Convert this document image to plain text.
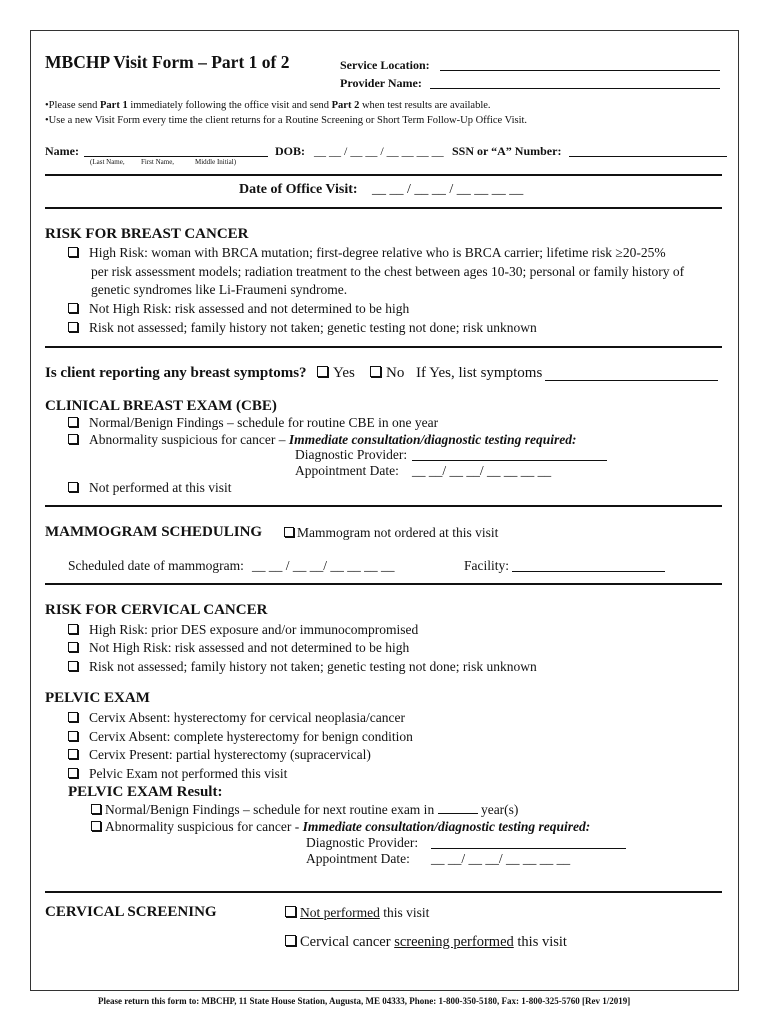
MBCHP Visit Form – Part 1 of 2	Service Location:
Provider Name:
•Please send Part 1 immediately following the office visit and send Part 2 when test results are available.
•Use a new Visit Form every time the client returns for a Routine Screening or Short Term Follow-Up Office Visit.
Name:
(Last Name, First Name,	Middle Initial)
DOB: __ __ / __ __ / __ __ __ __ SSN or “A” Number:
Date of Office Visit: __ __ / __ __ / __ __ __ __
RISK FOR BREAST CANCER
High Risk: woman with BRCA mutation; first-degree relative who is BRCA carrier; lifetime risk ≥20-25%
per risk assessment models; radiation treatment to the chest between ages 10-30; personal or family history of
genetic syndromes like Li-Fraumeni syndrome.
Not High Risk: risk assessed and not determined to be high
Risk not assessed; family history not taken; genetic testing not done; risk unknown
Is client reporting any breast symptoms?	Yes	No If Yes, list symptoms
CLINICAL BREAST EXAM (CBE)
Normal/Benign Findings – schedule for routine CBE in one year
Abnormality suspicious for cancer – Immediate consultation/diagnostic testing required:
Diagnostic Provider:
Appointment Date: __ __/ __ __/ __ __ __ __
Not performed at this visit
MAMMOGRAM SCHEDULING	Mammogram not ordered at this visit
Scheduled date of mammogram: __ __ / __ __/ __ __ __ __	Facility:
RISK FOR CERVICAL CANCER
High Risk: prior DES exposure and/or immunocompromised
Not High Risk: risk assessed and not determined to be high
Risk not assessed; family history not taken; genetic testing not done; risk unknown
PELVIC EXAM
Cervix Absent: hysterectomy for cervical neoplasia/cancer
Cervix Absent: complete hysterectomy for benign condition
Cervix Present: partial hysterectomy (supracervical)
Pelvic Exam not performed this visit
PELVIC EXAM Result:
Normal/Benign Findings – schedule for next routine exam in	year(s)
Abnormality suspicious for cancer - Immediate consultation/diagnostic testing required:
Diagnostic Provider:
Appointment Date: __ __/ __ __/ __ __ __ __
CERVICAL SCREENING	Not performed this visit
Cervical cancer screening performed this visit
Please return this form to: MBCHP, 11 State House Station, Augusta, ME 04333, Phone: 1-800-350-5180, Fax: 1-800-325-5760 [Rev 1/2019]
